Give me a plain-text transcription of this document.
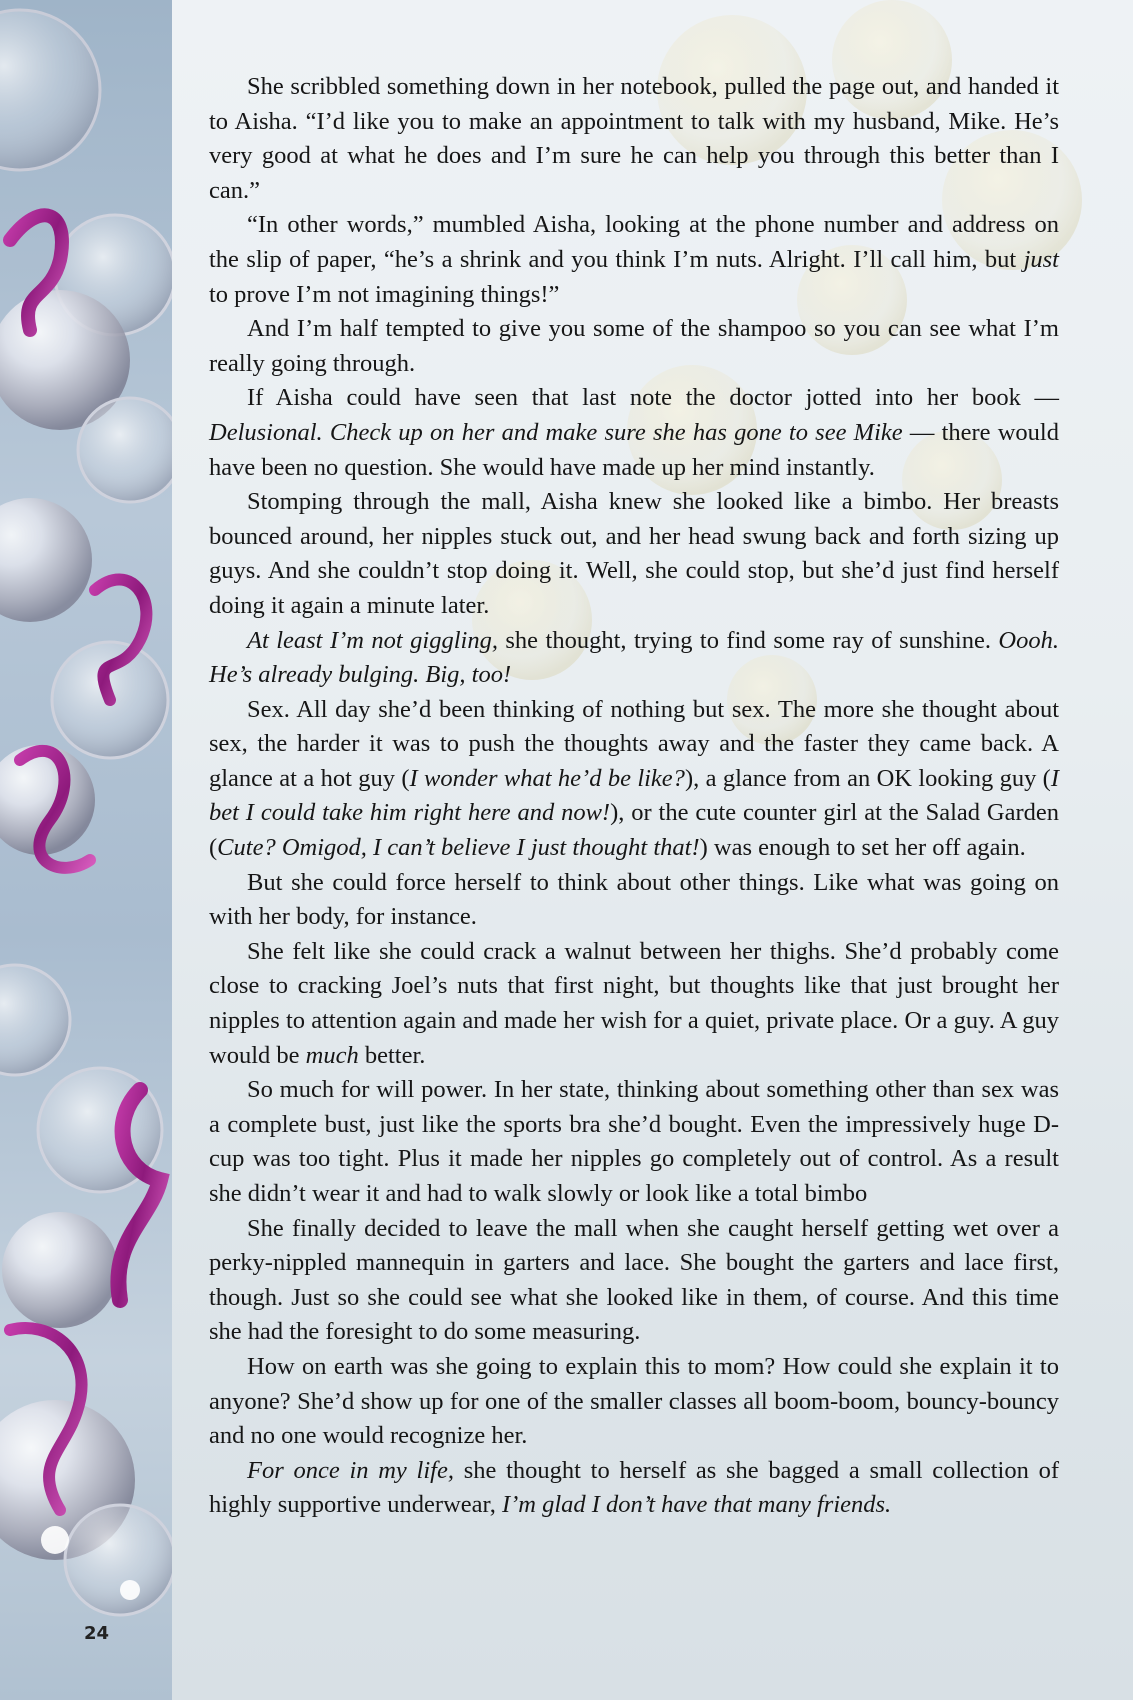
She scribbled something down in her notebook, pulled the page out, and handed it to Aisha. “I’d like you to make an appointment to talk with my husband, Mike. He’s very good at what he does and I’m sure he can help you through this better than I can.”

“In other words,” mumbled Aisha, looking at the phone number and address on the slip of paper, “he’s a shrink and you think I’m nuts. Alright. I’ll call him, but just to prove I’m not imagining things!”

And I’m half tempted to give you some of the shampoo so you can see what I’m really going through.

If Aisha could have seen that last note the doctor jotted into her book — Delusional. Check up on her and make sure she has gone to see Mike — there would have been no question. She would have made up her mind instantly.

Stomping through the mall, Aisha knew she looked like a bimbo. Her breasts bounced around, her nipples stuck out, and her head swung back and forth sizing up guys. And she couldn’t stop doing it. Well, she could stop, but she’d just find herself doing it again a minute later.

At least I’m not giggling, she thought, trying to find some ray of sunshine. Oooh. He’s already bulging. Big, too!

Sex. All day she’d been thinking of nothing but sex. The more she thought about sex, the harder it was to push the thoughts away and the faster they came back. A glance at a hot guy (I wonder what he’d be like?), a glance from an OK looking guy (I bet I could take him right here and now!), or the cute counter girl at the Salad Garden (Cute? Omigod, I can’t believe I just thought that!) was enough to set her off again.

But she could force herself to think about other things. Like what was going on with her body, for instance.

She felt like she could crack a walnut between her thighs. She’d probably come close to cracking Joel’s nuts that first night, but thoughts like that just brought her nipples to attention again and made her wish for a quiet, private place. Or a guy. A guy would be much better.

So much for will power. In her state, thinking about something other than sex was a complete bust, just like the sports bra she’d bought. Even the impressively huge D-cup was too tight. Plus it made her nipples go completely out of control. As a result she didn’t wear it and had to walk slowly or look like a total bimbo

She finally decided to leave the mall when she caught herself getting wet over a perky-nippled mannequin in garters and lace. She bought the garters and lace first, though. Just so she could see what she looked like in them, of course. And this time she had the foresight to do some measuring.

How on earth was she going to explain this to mom? How could she explain it to anyone? She’d show up for one of the smaller classes all boom-boom, bouncy-bouncy and no one would recognize her.

For once in my life, she thought to herself as she bagged a small collection of highly supportive underwear, I’m glad I don’t have that many friends.

24
